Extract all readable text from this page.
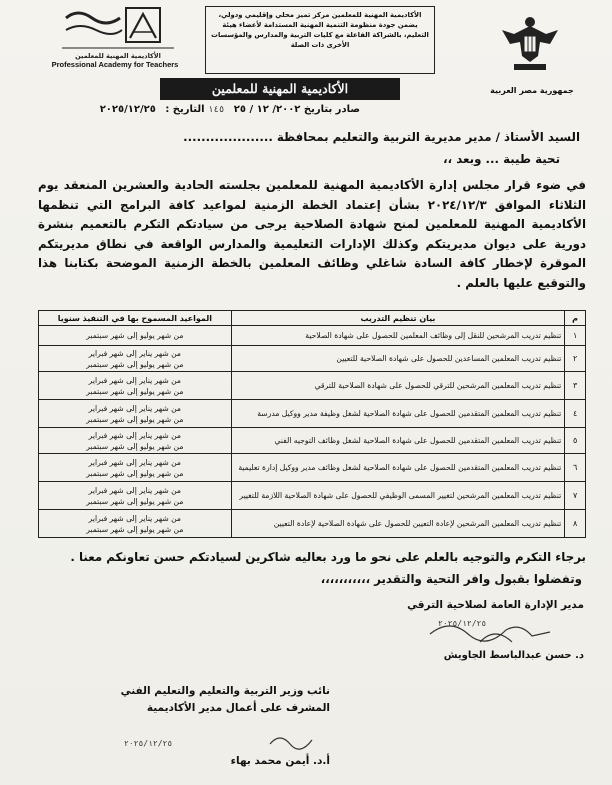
الأكاديمية المهنية للمعلمين
Professional Academy for Teachers
الأكاديمية المهنية للمعلمين مركز تميز محلي وإقليمي ودولي، يضمن جودة منظومة التنمية المهنية المستدامة لأعضاء هيئة التعليم، بالشراكة الفاعلة مع كليات التربية والمدارس والمؤسسات الأخرى ذات الصلة
جمهورية مصر العربية
الأكاديمية المهنية للمعلمين
صادر بتاريخ ٢٠٠٢/ ١٢ / ٢٥ ١٤٥ التاريخ : ٢٠٢٥/١٢/٢٥
السيد الأستاذ / مدير مديرية التربية والتعليم بمحافظة ....................
تحية طيبة ... وبعد ،،
في ضوء قرار مجلس إدارة الأكاديمية المهنية للمعلمين بجلسته الحادية والعشرين المنعقد يوم الثلاثاء الموافق ٢٠٢٤/١٢/٣ بشأن إعتماد الخطة الزمنية لمواعيد كافة البرامج التي تنظمها الأكاديمية المهنية للمعلمين لمنح شهادة الصلاحية يرجى من سيادتكم التكرم بالتعميم بنشرة دورية على ديوان مديريتكم وكذلك الإدارات التعليمية والمدارس الواقعة في نطاق مديريتكم الموقرة لإخطار كافة السادة شاغلي وظائف المعلمين بالخطة الزمنية الموضحة بكتابنا هذا والتوقيع عليها بالعلم .
م	بيان تنظيم التدريب	المواعيد المسموح بها في التنفيذ سنويا
١	تنظيم تدريب المرشحين للنقل إلى وظائف المعلمين للحصول على شهادة الصلاحية	من شهر يوليو إلى شهر سبتمبر

٢	تنظيم تدريب المعلمين المساعدين للحصول على شهادة الصلاحية للتعيين	من شهر يناير إلى شهر فبراير
من شهر يوليو إلى شهر سبتمبر

٣	تنظيم تدريب المعلمين المرشحين للترقي للحصول على شهادة الصلاحية للترقي	من شهر يناير إلى شهر فبراير
من شهر يوليو إلى شهر سبتمبر

٤	تنظيم تدريب المعلمين المتقدمين للحصول على شهادة الصلاحية لشغل وظيفة مدير ووكيل مدرسة	من شهر يناير إلى شهر فبراير
من شهر يوليو إلى شهر سبتمبر

٥	تنظيم تدريب المعلمين المتقدمين للحصول على شهادة الصلاحية لشغل وظائف التوجيه الفني	من شهر يناير إلى شهر فبراير
من شهر يوليو إلى شهر سبتمبر

٦	تنظيم تدريب المعلمين المتقدمين للحصول على شهادة الصلاحية لشغل وظائف مدير ووكيل إدارة تعليمية	من شهر يناير إلى شهر فبراير
من شهر يوليو إلى شهر سبتمبر

٧	تنظيم تدريب المعلمين المرشحين لتغيير المسمى الوظيفي للحصول على شهادة الصلاحية اللازمة للتغيير	من شهر يناير إلى شهر فبراير
من شهر يوليو إلى شهر سبتمبر

٨	تنظيم تدريب المعلمين المرشحين لإعادة التعيين للحصول على شهادة الصلاحية لإعادة التعيين	من شهر يناير إلى شهر فبراير
من شهر يوليو إلى شهر سبتمبر
برجاء التكرم والتوجيه بالعلم على نحو ما ورد بعاليه شاكرين لسيادتكم حسن تعاونكم معنا .
وتفضلوا بقبول وافر التحية والتقدير ،،،،،،،،،،،
مدير الإدارة العامة لصلاحية الترقي
٢٠٢٥/١٢/٢٥
د. حسن عبدالباسط الجاويش
نائب وزير التربية والتعليم والتعليم الفني
المشرف على أعمال مدير الأكاديمية
٢٠٢٥/١٢/٢٥
أ.د. أيمن محمد بهاء
